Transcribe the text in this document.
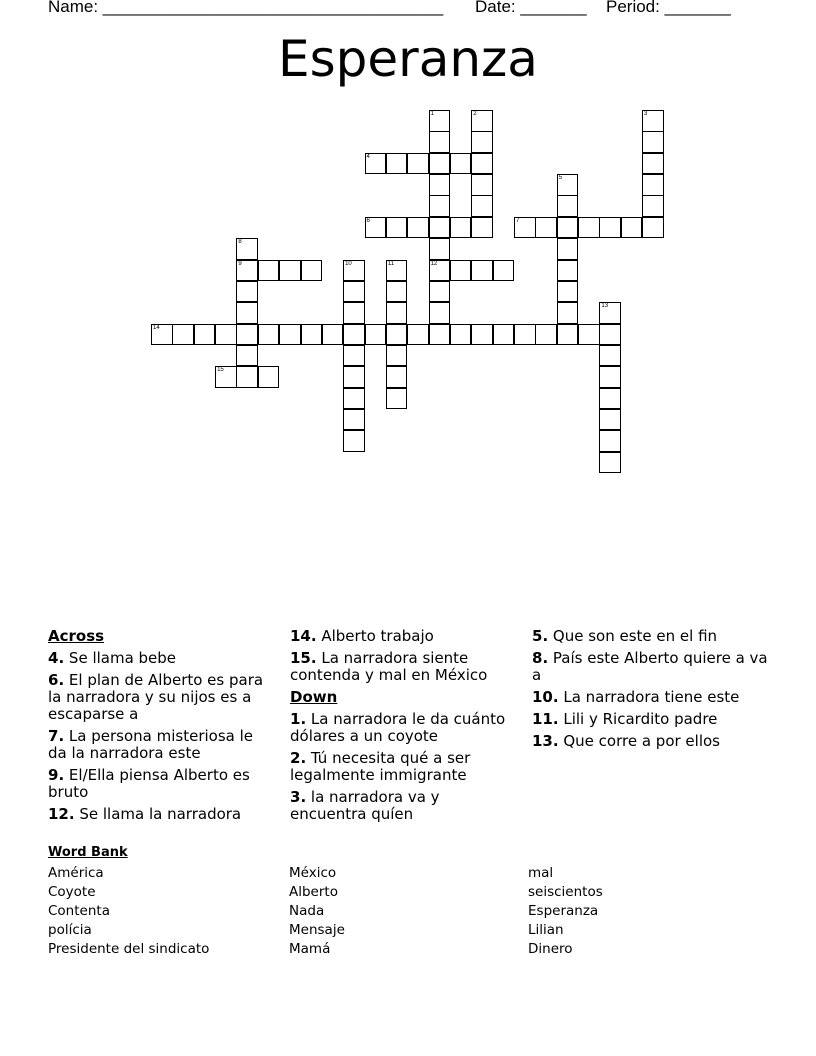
Name: ____________________________________ Date: _______ Period: _______
Esperanza
4
6	7
9	12
14
15
1	2	3
5
8
10	11
13
Across
4. Se llama bebe
6. El plan de Alberto es para la narradora y su nijos es a escaparse a
7. La persona misteriosa le da la narradora este
9. El/Ella piensa Alberto es bruto
12. Se llama la narradora
14. Alberto trabajo
15. La narradora siente contenda y mal en México
Down
1. La narradora le da cuánto dólares a un coyote
2. Tú necesita qué a ser legalmente immigrante
3. la narradora va y encuentra quíen
5. Que son este en el fin
8. País este Alberto quiere a va a
10. La narradora tiene este
11. Lili y Ricardito padre
13. Que corre a por ellos
Word Bank
América
Coyote
Contenta
polícia
Presidente del sindicato
México
Alberto
Nada
Mensaje
Mamá
mal
seiscientos
Esperanza
Lilian
Dinero
